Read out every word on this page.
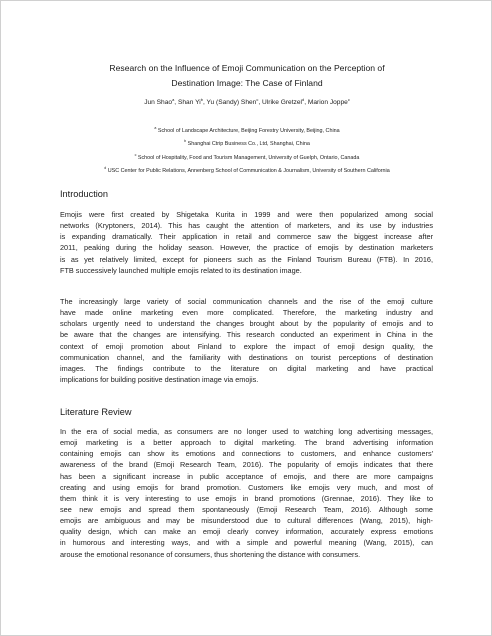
Research on the Influence of Emoji Communication on the Perception of
Destination Image: The Case of Finland
Jun Shao$^a$, Shan Yi$^b$, Yu (Sandy) Shen$^c$, Ulrike Gretzel$^d$, Marion Joppe$^c$
$^a$ School of Landscape Architecture, Beijing Forestry University, Beijing, China
$^b$ Shanghai Ctrip Business Co., Ltd, Shanghai, China
$^c$ School of Hospitality, Food and Tourism Management, University of Guelph, Ontario, Canada
$^d$ USC Center for Public Relations, Annenberg School of Communication & Journalism, University of Southern California
Introduction
Emojis were first created by Shigetaka Kurita in 1999 and were then popularized among social
networks (Kryptoners, 2014). This has caught the attention of marketers, and its use by industries
is expanding dramatically. Their application in retail and commerce saw the biggest increase after
2011, peaking during the holiday season. However, the practice of emojis by destination marketers
is as yet relatively limited, except for pioneers such as the Finland Tourism Bureau (FTB). In 2016,
FTB successively launched multiple emojis related to its destination image.
The increasingly large variety of social communication channels and the rise of the emoji culture
have made online marketing even more complicated. Therefore, the marketing industry and
scholars urgently need to understand the changes brought about by the popularity of emojis and to
be aware that the changes are intensifying. This research conducted an experiment in China in the
context of emoji promotion about Finland to explore the impact of emoji design quality, the
communication channel, and the familiarity with destinations on tourist perceptions of destination
images. The findings contribute to the literature on digital marketing and have practical
implications for building positive destination image via emojis.
Literature Review
In the era of social media, as consumers are no longer used to watching long advertising messages,
emoji marketing is a better approach to digital marketing. The brand advertising information
containing emojis can show its emotions and connections to customers, and enhance customers'
awareness of the brand (Emoji Research Team, 2016). The popularity of emojis indicates that there
has been a significant increase in public acceptance of emojis, and there are more campaigns
creating and using emojis for brand promotion. Customers like emojis very much, and most of
them think it is very interesting to use emojis in brand promotions (Grennae, 2016). They like to
see new emojis and spread them spontaneously (Emoji Research Team, 2016). Although some
emojis are ambiguous and may be misunderstood due to cultural differences (Wang, 2015), high-
quality design, which can make an emoji clearly convey information, accurately express emotions
in humorous and interesting ways, and with a simple and powerful meaning (Wang, 2015), can
arouse the emotional resonance of consumers, thus shortening the distance with consumers.
